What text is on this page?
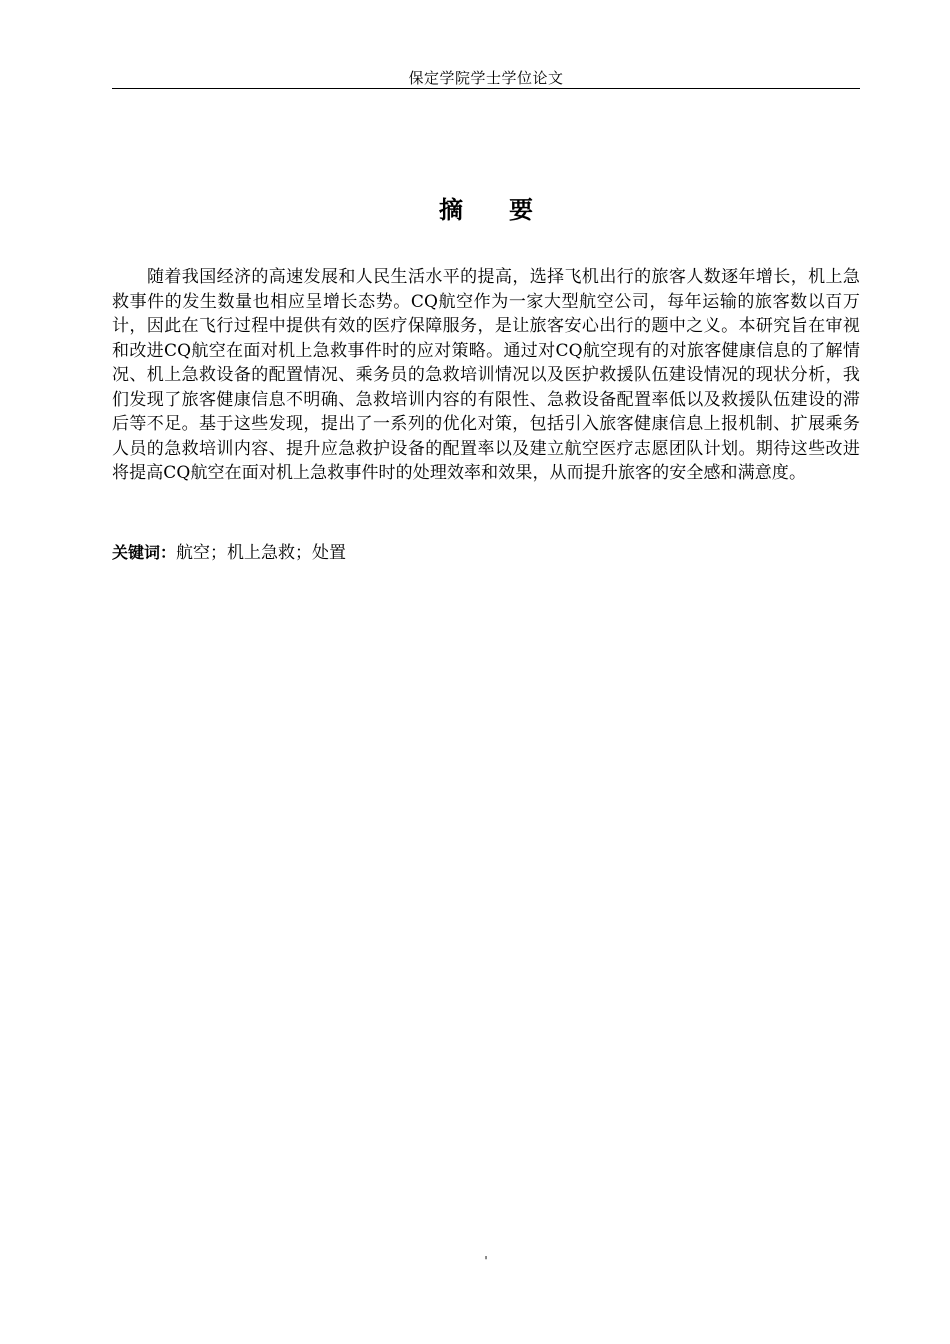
保定学院学士学位论文
摘要

随着我国经济的高速发展和人民生活水平的提高，选择飞机出行的旅客人数逐年增长，机上急救事件的发生数量也相应呈增长态势。CQ航空作为一家大型航空公司，每年运输的旅客数以百万计，因此在飞行过程中提供有效的医疗保障服务，是让旅客安心出行的题中之义。本研究旨在审视和改进CQ航空在面对机上急救事件时的应对策略。通过对CQ航空现有的对旅客健康信息的了解情况、机上急救设备的配置情况、乘务员的急救培训情况以及医护救援队伍建设情况的现状分析，我们发现了旅客健康信息不明确、急救培训内容的有限性、急救设备配置率低以及救援队伍建设的滞后等不足。基于这些发现，提出了一系列的优化对策，包括引入旅客健康信息上报机制、扩展乘务人员的急救培训内容、提升应急救护设备的配置率以及建立航空医疗志愿团队计划。期待这些改进将提高CQ航空在面对机上急救事件时的处理效率和效果，从而提升旅客的安全感和满意度。

关键词：航空；机上急救；处置
'
